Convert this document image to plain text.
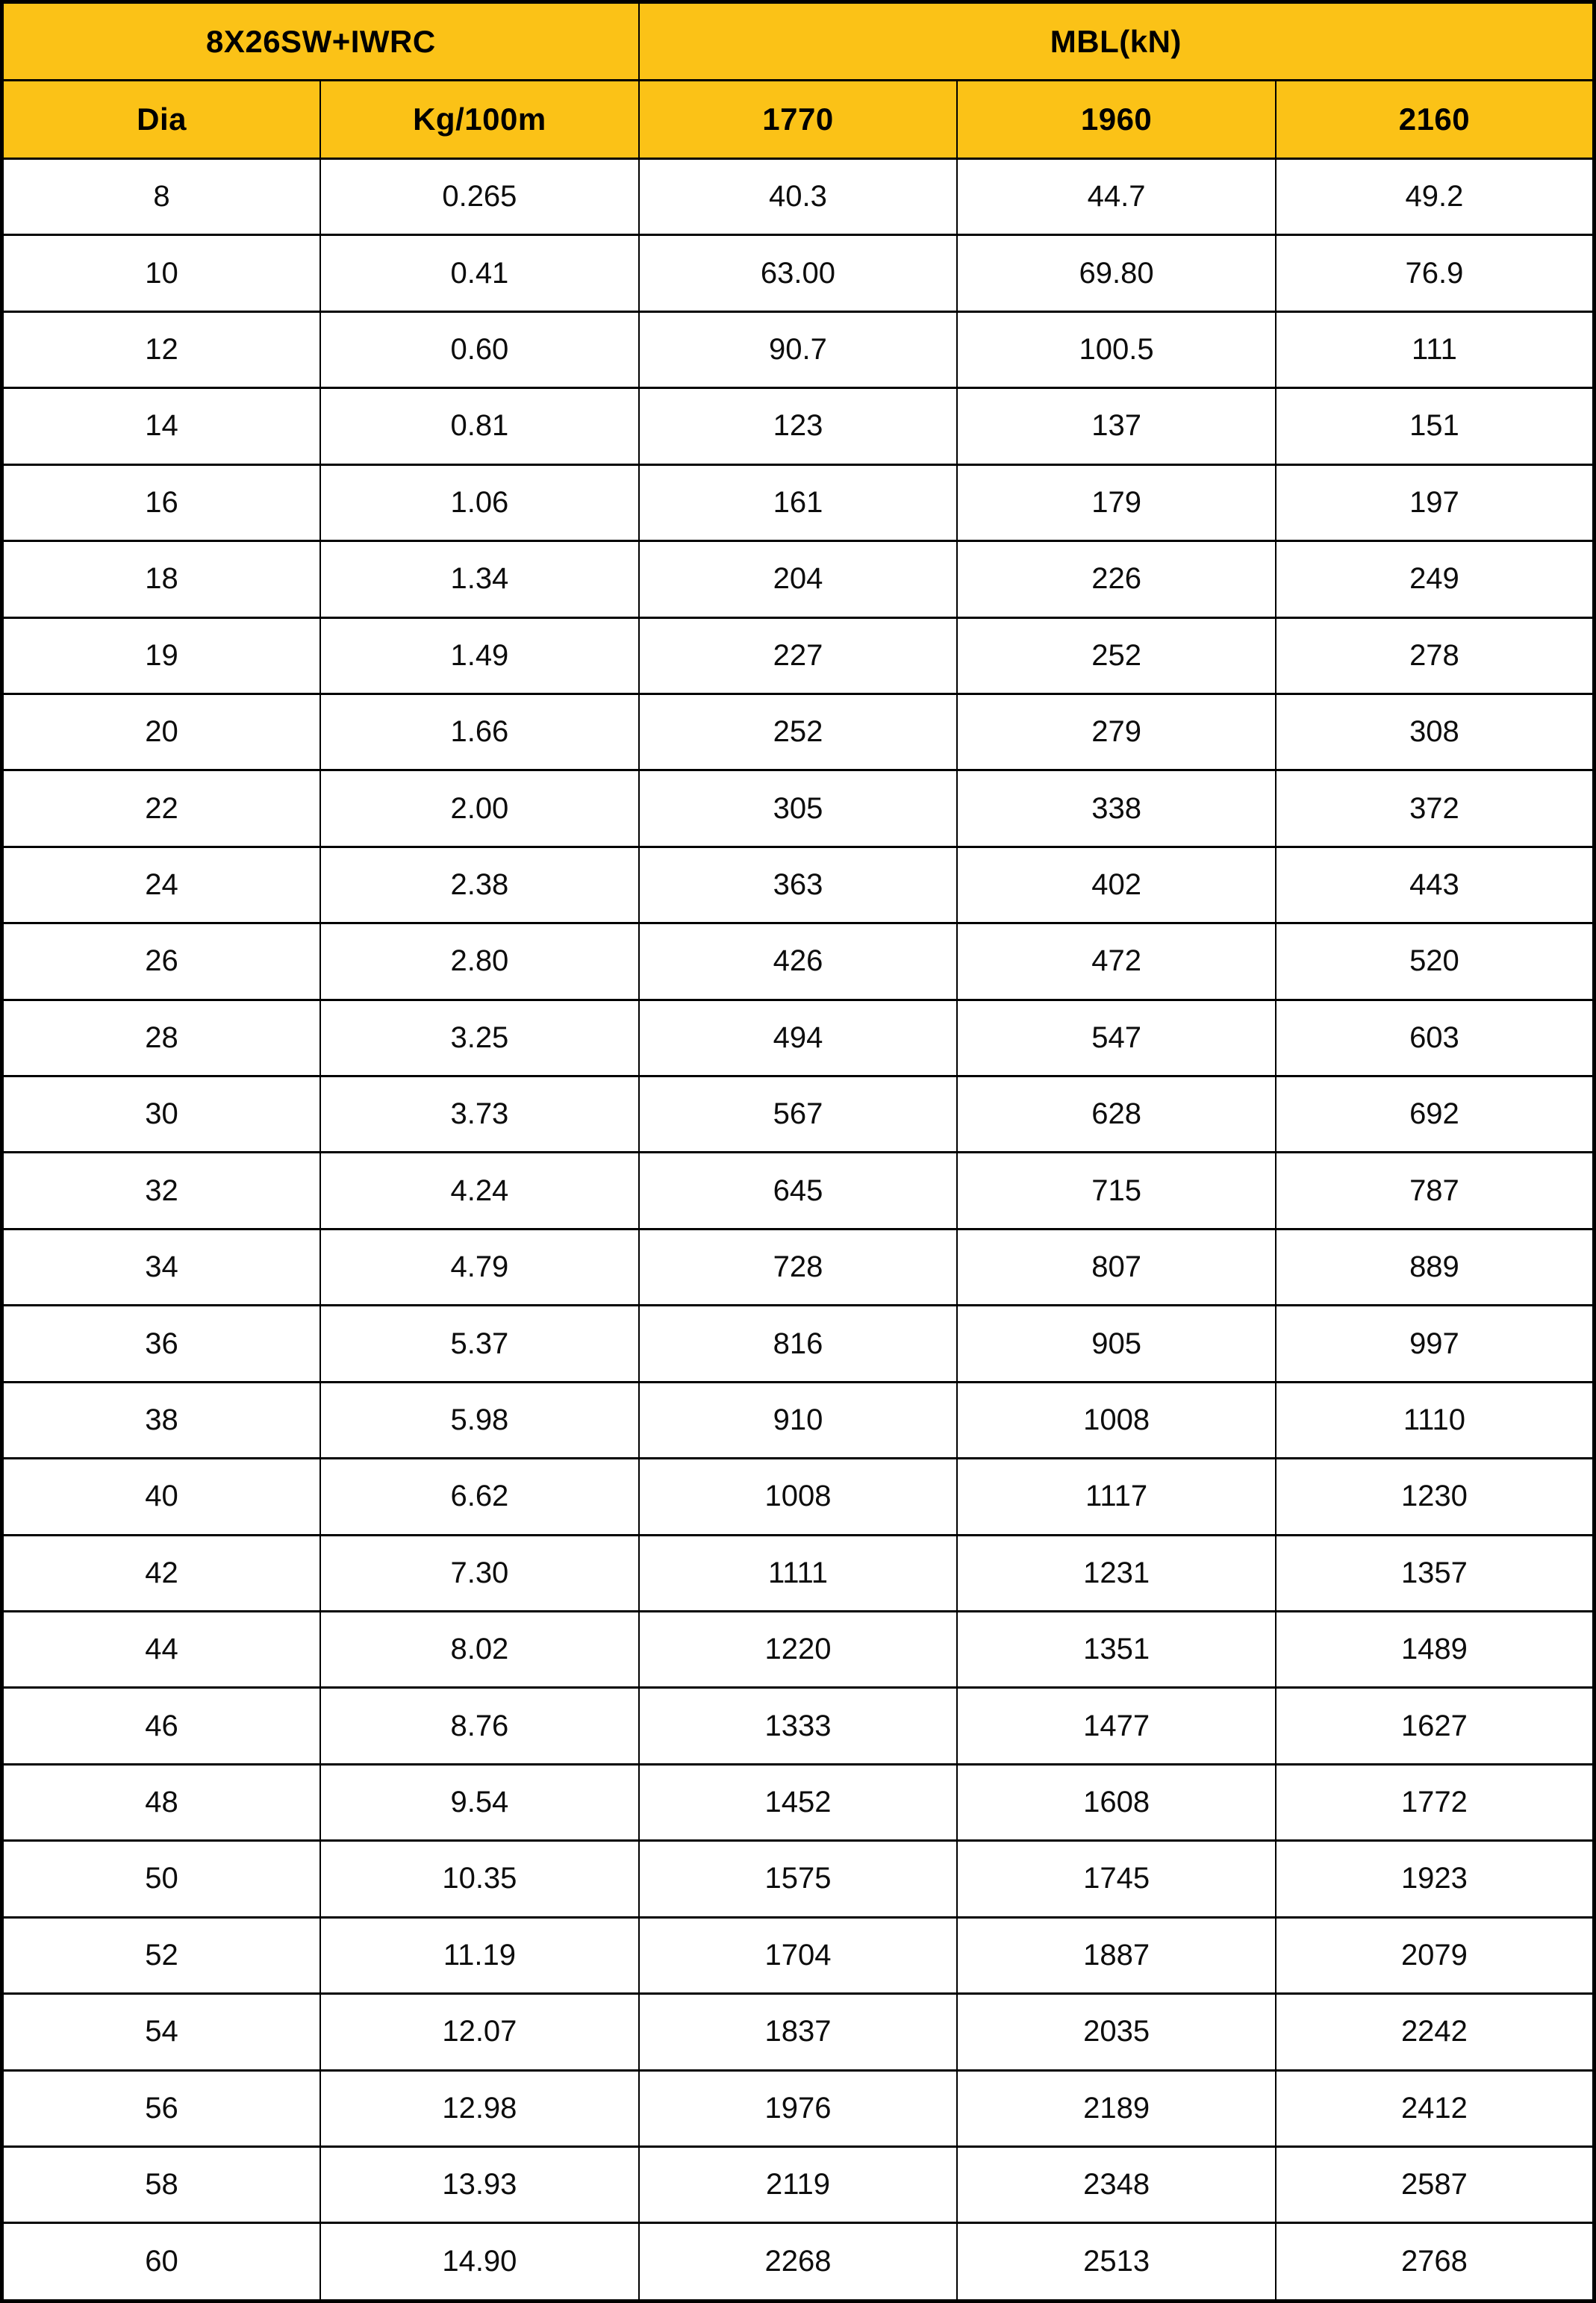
8X26SW+IWRC		MBL(kN)		
Dia	Kg/100m	1770	1960	2160
8	0.265	40.3	44.7	49.2
10	0.41	63.00	69.80	76.9
12	0.60	90.7	100.5	111
14	0.81	123	137	151
16	1.06	161	179	197
18	1.34	204	226	249
19	1.49	227	252	278
20	1.66	252	279	308
22	2.00	305	338	372
24	2.38	363	402	443
26	2.80	426	472	520
28	3.25	494	547	603
30	3.73	567	628	692
32	4.24	645	715	787
34	4.79	728	807	889
36	5.37	816	905	997
38	5.98	910	1008	1110
40	6.62	1008	1117	1230
42	7.30	1111	1231	1357
44	8.02	1220	1351	1489
46	8.76	1333	1477	1627
48	9.54	1452	1608	1772
50	10.35	1575	1745	1923
52	11.19	1704	1887	2079
54	12.07	1837	2035	2242
56	12.98	1976	2189	2412
58	13.93	2119	2348	2587
60	14.90	2268	2513	2768
